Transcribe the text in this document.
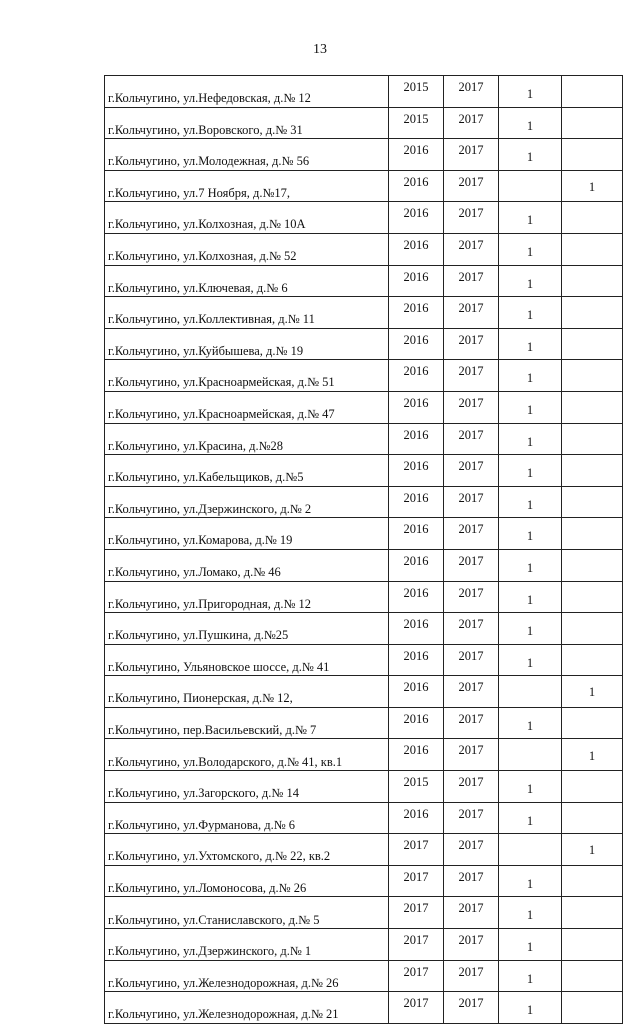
13
г.Кольчугино, ул.Нефедовская, д.№ 12	2015	2017	1	
г.Кольчугино, ул.Воровского, д.№ 31	2015	2017	1	
г.Кольчугино, ул.Молодежная, д.№ 56	2016	2017	1	
г.Кольчугино, ул.7 Ноября, д.№17,	2016	2017		1
г.Кольчугино, ул.Колхозная, д.№ 10А	2016	2017	1	
г.Кольчугино, ул.Колхозная, д.№ 52	2016	2017	1	
г.Кольчугино, ул.Ключевая, д.№ 6	2016	2017	1	
г.Кольчугино, ул.Коллективная, д.№ 11	2016	2017	1	
г.Кольчугино, ул.Куйбышева, д.№ 19	2016	2017	1	
г.Кольчугино, ул.Красноармейская, д.№ 51	2016	2017	1	
г.Кольчугино, ул.Красноармейская, д.№ 47	2016	2017	1	
г.Кольчугино, ул.Красина, д.№28	2016	2017	1	
г.Кольчугино, ул.Кабельщиков, д.№5	2016	2017	1	
г.Кольчугино, ул.Дзержинского, д.№ 2	2016	2017	1	
г.Кольчугино, ул.Комарова, д.№ 19	2016	2017	1	
г.Кольчугино, ул.Ломако, д.№ 46	2016	2017	1	
г.Кольчугино, ул.Пригородная, д.№ 12	2016	2017	1	
г.Кольчугино, ул.Пушкина, д.№25	2016	2017	1	
г.Кольчугино, Ульяновское шоссе, д.№ 41	2016	2017	1	
г.Кольчугино, Пионерская, д.№ 12,	2016	2017		1
г.Кольчугино, пер.Васильевский, д.№ 7	2016	2017	1	
г.Кольчугино, ул.Володарского, д.№ 41, кв.1	2016	2017		1
г.Кольчугино, ул.Загорского, д.№ 14	2015	2017	1	
г.Кольчугино, ул.Фурманова, д.№ 6	2016	2017	1	
г.Кольчугино, ул.Ухтомского, д.№ 22, кв.2	2017	2017		1
г.Кольчугино, ул.Ломоносова, д.№ 26	2017	2017	1	
г.Кольчугино, ул.Станиславского, д.№ 5	2017	2017	1	
г.Кольчугино, ул.Дзержинского, д.№ 1	2017	2017	1	
г.Кольчугино, ул.Железнодорожная, д.№ 26	2017	2017	1	
г.Кольчугино, ул.Железнодорожная, д.№ 21	2017	2017	1	
